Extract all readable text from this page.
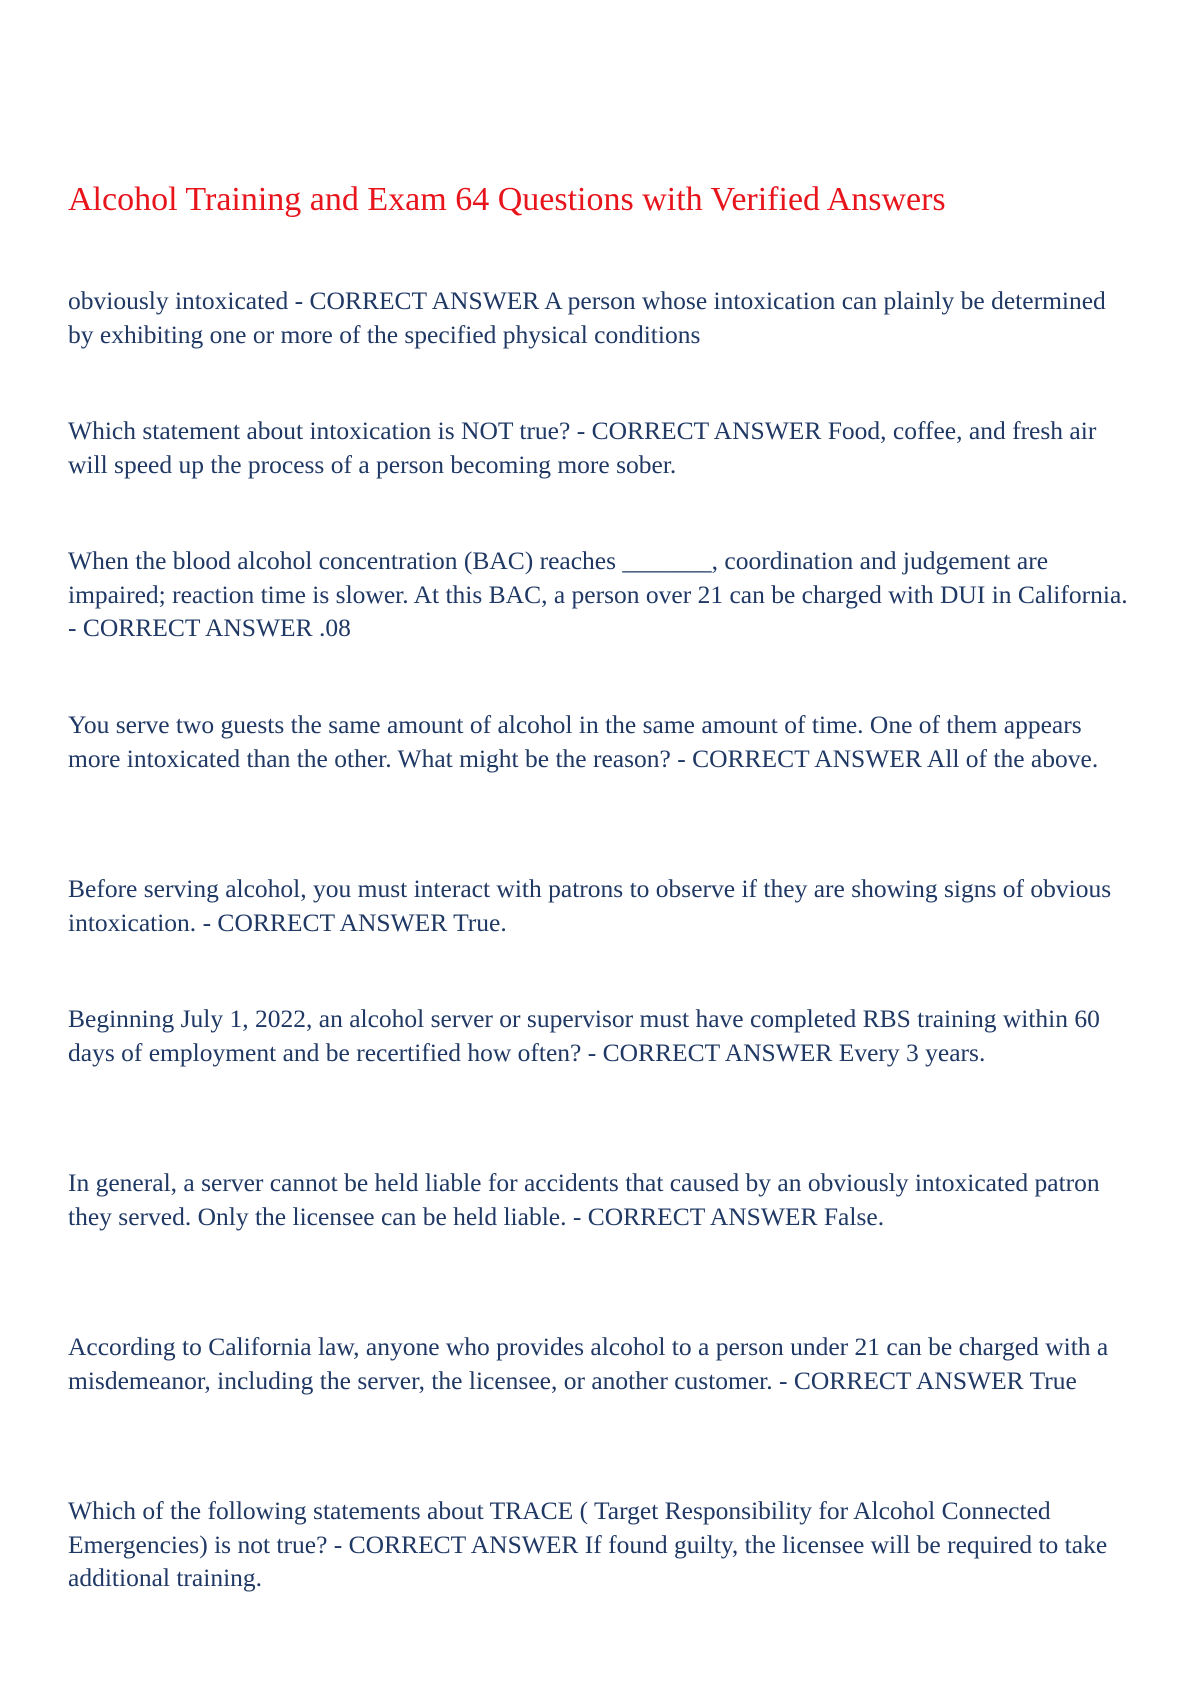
Alcohol Training and Exam 64 Questions with Verified Answers

obviously intoxicated - CORRECT ANSWER A person whose intoxication can plainly be determined by exhibiting one or more of the specified physical conditions

Which statement about intoxication is NOT true? - CORRECT ANSWER Food, coffee, and fresh air will speed up the process of a person becoming more sober.

When the blood alcohol concentration (BAC) reaches _______, coordination and judgement are impaired; reaction time is slower. At this BAC, a person over 21 can be charged with DUI in California. - CORRECT ANSWER .08

You serve two guests the same amount of alcohol in the same amount of time. One of them appears more intoxicated than the other. What might be the reason? - CORRECT ANSWER All of the above.

Before serving alcohol, you must interact with patrons to observe if they are showing signs of obvious intoxication. - CORRECT ANSWER True.

Beginning July 1, 2022, an alcohol server or supervisor must have completed RBS training within 60 days of employment and be recertified how often? - CORRECT ANSWER Every 3 years.

In general, a server cannot be held liable for accidents that caused by an obviously intoxicated patron they served. Only the licensee can be held liable. - CORRECT ANSWER False.

According to California law, anyone who provides alcohol to a person under 21 can be charged with a misdemeanor, including the server, the licensee, or another customer. - CORRECT ANSWER True

Which of the following statements about TRACE ( Target Responsibility for Alcohol Connected Emergencies) is not true? - CORRECT ANSWER If found guilty, the licensee will be required to take additional training.
